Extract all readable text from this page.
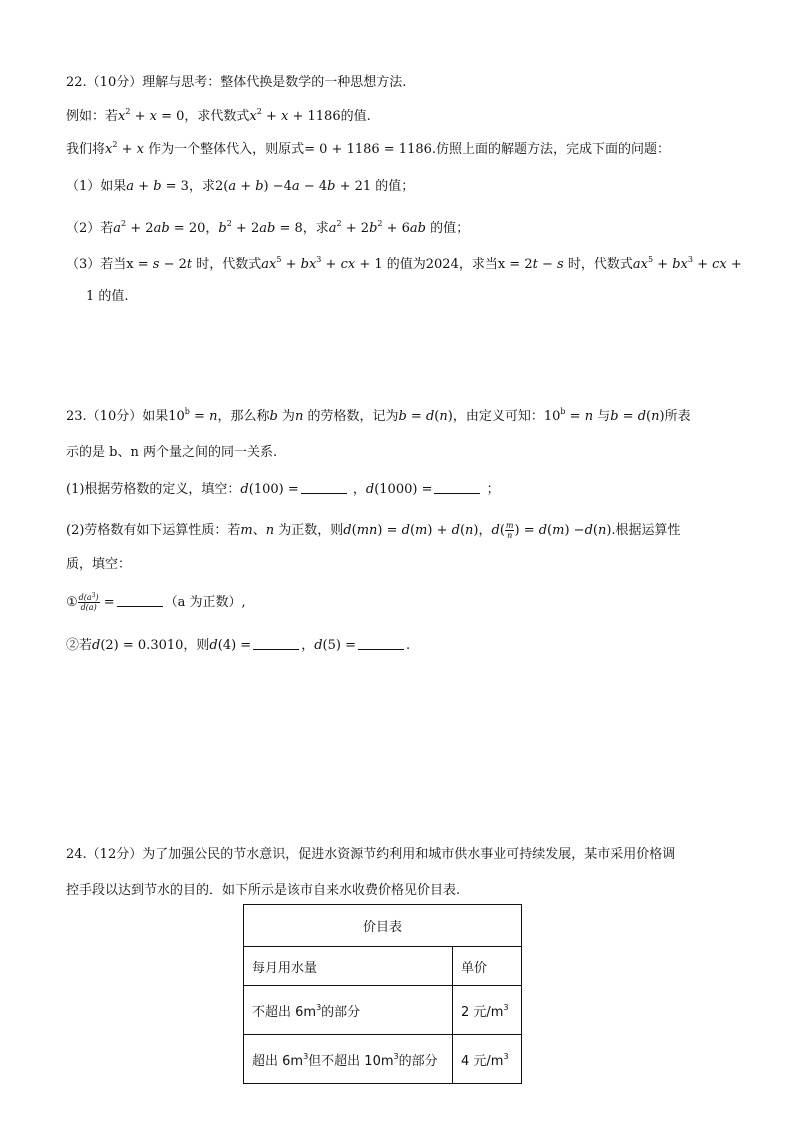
22.（10分）理解与思考：整体代换是数学的一种思想方法.
例如：若$x^2 + x = 0$，求代数式$x^2 + x + 1186$的值.
我们将$x^2 + x$ 作为一个整体代入，则原式= 0 + 1186 = 1186.仿照上面的解题方法，完成下面的问题：
（1）如果a + b = 3，求2(a + b) −4a − 4b + 21 的值；
（2）若$a^2 + 2ab = 20$，$b^2 + 2ab = 8$，求$a^2 + 2b^2 + 6ab$ 的值；
（3）若当x = s − 2t 时，代数式$ax^5 + bx^3$ + cx + 1 的值为2024，求当x = 2t − s 时，代数式$ax^5 + bx^3$ + cx +
1 的值.
23.（10分）如果$10^b = n$，那么称b 为n 的劳格数，记为b = d(n)，由定义可知：$10^b = n$ 与b = d(n)所表
示的是 b、n 两个量之间的同一关系.
(1)根据劳格数的定义，填空：d(100) =	，d(1000) =	；
(2)劳格数有如下运算性质：若m、n 为正数，则d(mn) = d(m) + d(n)，$d( \frac{m}{n}$ ) = d(m) −d(n).根据运算性
质，填空：
① $\frac{d(a^3)}{d(a)}$ =	（a 为正数）,
②若d(2) = 0.3010，则d(4) =	，d(5) =	.
24.（12分）为了加强公民的节水意识，促进水资源节约利用和城市供水事业可持续发展，某市采用价格调
控手段以达到节水的目的．如下所示是该市自来水收费价格见价目表.
价目表	
每月用水量	单价
不超出 $6m^3$的部分	2 元$/m^3$
超出 $6m^3$但不超出 $10m^3$的部分	4 元$/m^3$
